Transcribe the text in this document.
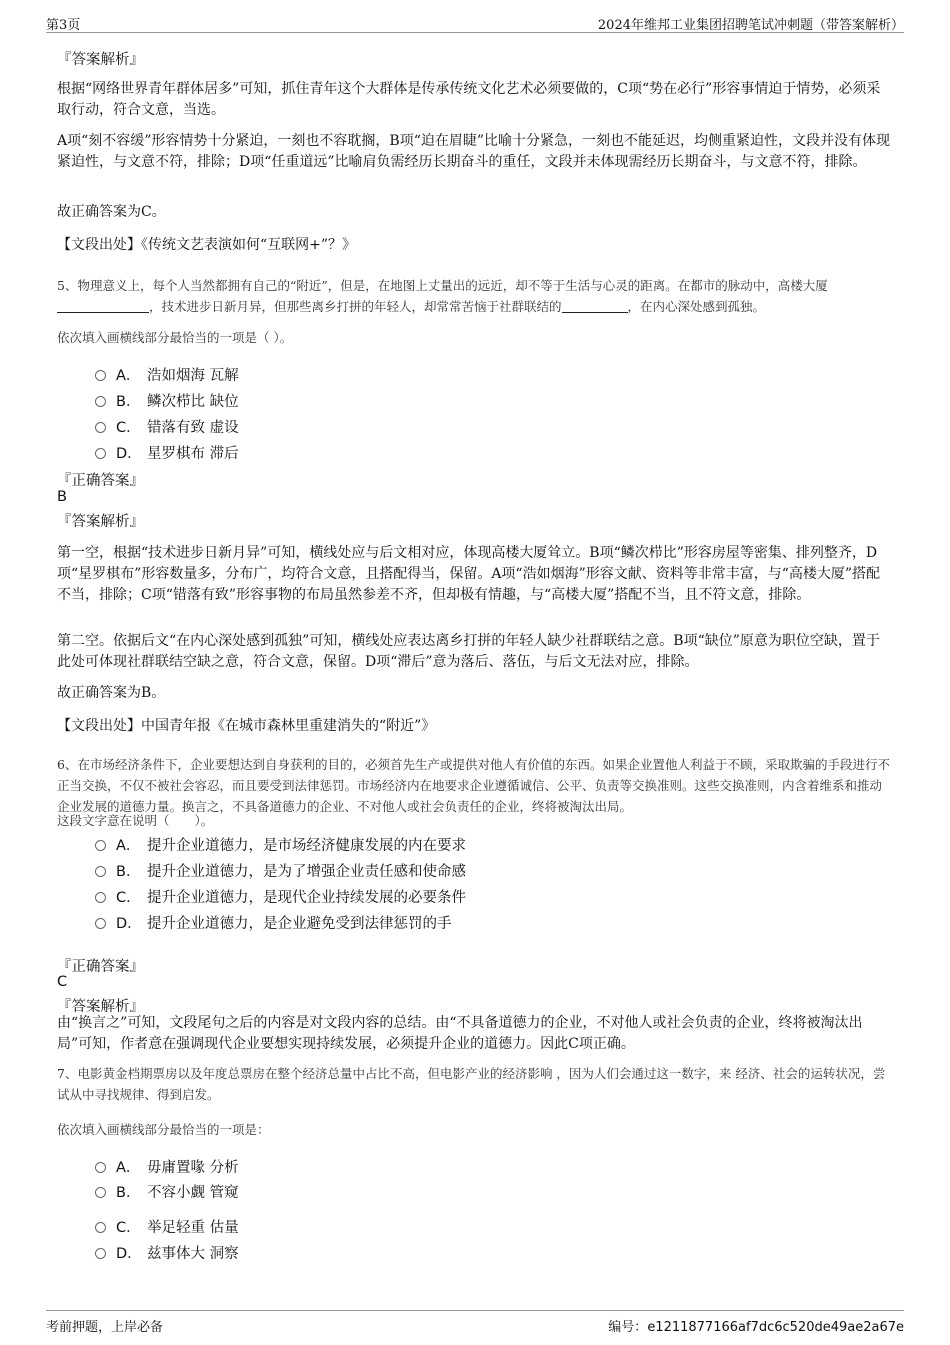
第3页	2024年维邦工业集团招聘笔试冲刺题（带答案解析）
『答案解析』

根据“网络世界青年群体居多”可知，抓住青年这个大群体是传承传统文化艺术必须要做的，C项“势在必行”形容事情迫于情势，必须采取行动，符合文意，当选。

A项“刻不容缓”形容情势十分紧迫，一刻也不容耽搁，B项“迫在眉睫”比喻十分紧急，一刻也不能延迟，均侧重紧迫性，文段并没有体现紧迫性，与文意不符，排除；D项“任重道远”比喻肩负需经历长期奋斗的重任，文段并未体现需经历长期奋斗，与文意不符，排除。

故正确答案为C。

【文段出处】《传统文艺表演如何“互联网+”？》

5、物理意义上，每个人当然都拥有自己的“附近”，但是，在地图上丈量出的远近，却不等于生活与心灵的距离。在都市的脉动中，高楼大厦，技术进步日新月异，但那些离乡打拼的年轻人，却常常苦恼于社群联结的	，在内心深处感到孤独。

依次填入画横线部分最恰当的一项是（ ）。

A． 浩如烟海 瓦解
B． 鳞次栉比 缺位
C． 错落有致 虚设
D． 星罗棋布 滞后
『正确答案』
B
『答案解析』

第一空，根据“技术进步日新月异”可知，横线处应与后文相对应，体现高楼大厦耸立。B项“鳞次栉比”形容房屋等密集、排列整齐，D项“星罗棋布”形容数量多，分布广，均符合文意，且搭配得当，保留。A项“浩如烟海”形容文献、资料等非常丰富，与“高楼大厦”搭配不当，排除；C项“错落有致”形容事物的布局虽然参差不齐，但却极有情趣，与“高楼大厦”搭配不当，且不符文意，排除。

第二空。依据后文“在内心深处感到孤独”可知，横线处应表达离乡打拼的年轻人缺少社群联结之意。B项“缺位”原意为职位空缺，置于此处可体现社群联结空缺之意，符合文意，保留。D项“滞后”意为落后、落伍，与后文无法对应，排除。

故正确答案为B。

【文段出处】中国青年报《在城市森林里重建消失的“附近”》

6、在市场经济条件下，企业要想达到自身获利的目的，必须首先生产或提供对他人有价值的东西。如果企业置他人利益于不顾，采取欺骗的手段进行不正当交换，不仅不被社会容忍，而且要受到法律惩罚。市场经济内在地要求企业遵循诚信、公平、负责等交换准则。这些交换准则，内含着维系和推动企业发展的道德力量。换言之，不具备道德力的企业、不对他人或社会负责任的企业，终将被淘汰出局。

这段文字意在说明（　　）。

A． 提升企业道德力，是市场经济健康发展的内在要求
B． 提升企业道德力，是为了增强企业责任感和使命感
C． 提升企业道德力，是现代企业持续发展的必要条件
D． 提升企业道德力，是企业避免受到法律惩罚的手
『正确答案』
C
『答案解析』

由“换言之”可知，文段尾句之后的内容是对文段内容的总结。由“不具备道德力的企业，不对他人或社会负责的企业，终将被淘汰出局”可知，作者意在强调现代企业要想实现持续发展，必须提升企业的道德力。因此C项正确。

7、电影黄金档期票房以及年度总票房在整个经济总量中占比不高，但电影产业的经济影响 ，因为人们会通过这一数字，来 经济、社会的运转状况，尝试从中寻找规律、得到启发。

依次填入画横线部分最恰当的一项是：

A． 毋庸置喙 分析
B． 不容小觑 管窥
C． 举足轻重 估量
D． 兹事体大 洞察
考前押题，上岸必备	编号：e1211877166af7dc6c520de49ae2a67e
